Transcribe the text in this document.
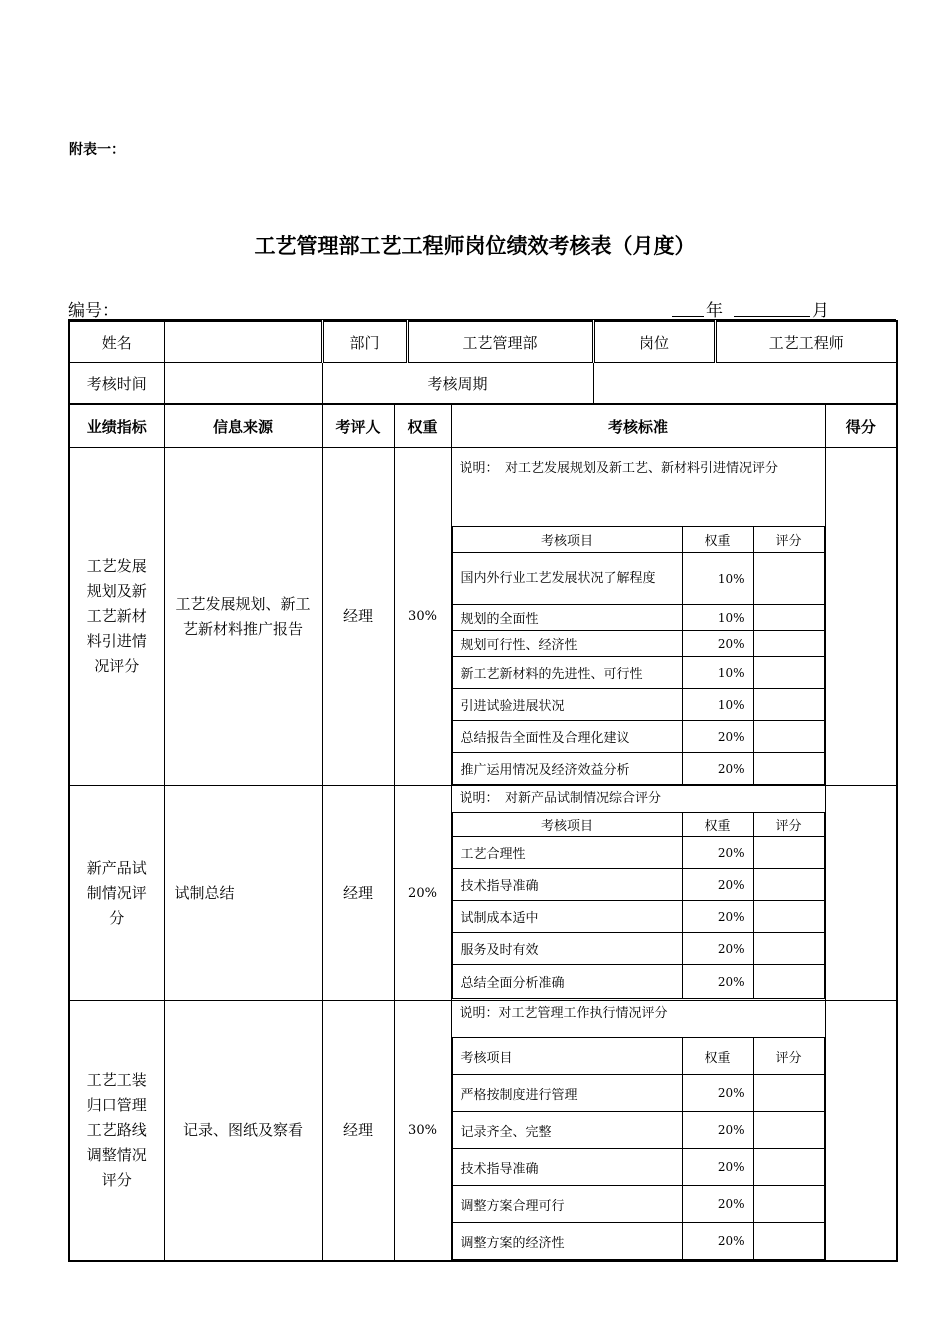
附表一：
工艺管理部工艺工程师岗位绩效考核表（月度）
编号：	年	月
姓名		部门	工艺管理部	岗位	工艺工程师

考核时间		考核周期			

业绩指标	信息来源	考评人	权重	考核标准	得分
工艺发展规划及新工艺新材料引进情况评分	工艺发展规划、新工艺新材料推广报告	经理	30%	
说明：　对工艺发展规划及新工艺、新材料引进情况评分
考核项目	权重	评分
国内外行业工艺发展状况了解程度	10%	
规划的全面性	10%	
规划可行性、经济性	20%	
新工艺新材料的先进性、可行性	10%	
引进试验进展状况	10%	
总结报告全面性及合理化建议	20%	
推广运用情况及经济效益分析	20%	

新产品试制情况评分	试制总结	经理	20%	
说明：　对新产品试制情况综合评分
考核项目	权重	评分
工艺合理性	20%	
技术指导准确	20%	
试制成本适中	20%	
服务及时有效	20%	
总结全面分析准确	20%	

工艺工装归口管理工艺路线调整情况评分	记录、图纸及察看	经理	30%	
说明：对工艺管理工作执行情况评分
考核项目	权重	评分
严格按制度进行管理	20%	
记录齐全、完整	20%	
技术指导准确	20%	
调整方案合理可行	20%	
调整方案的经济性	20%	
